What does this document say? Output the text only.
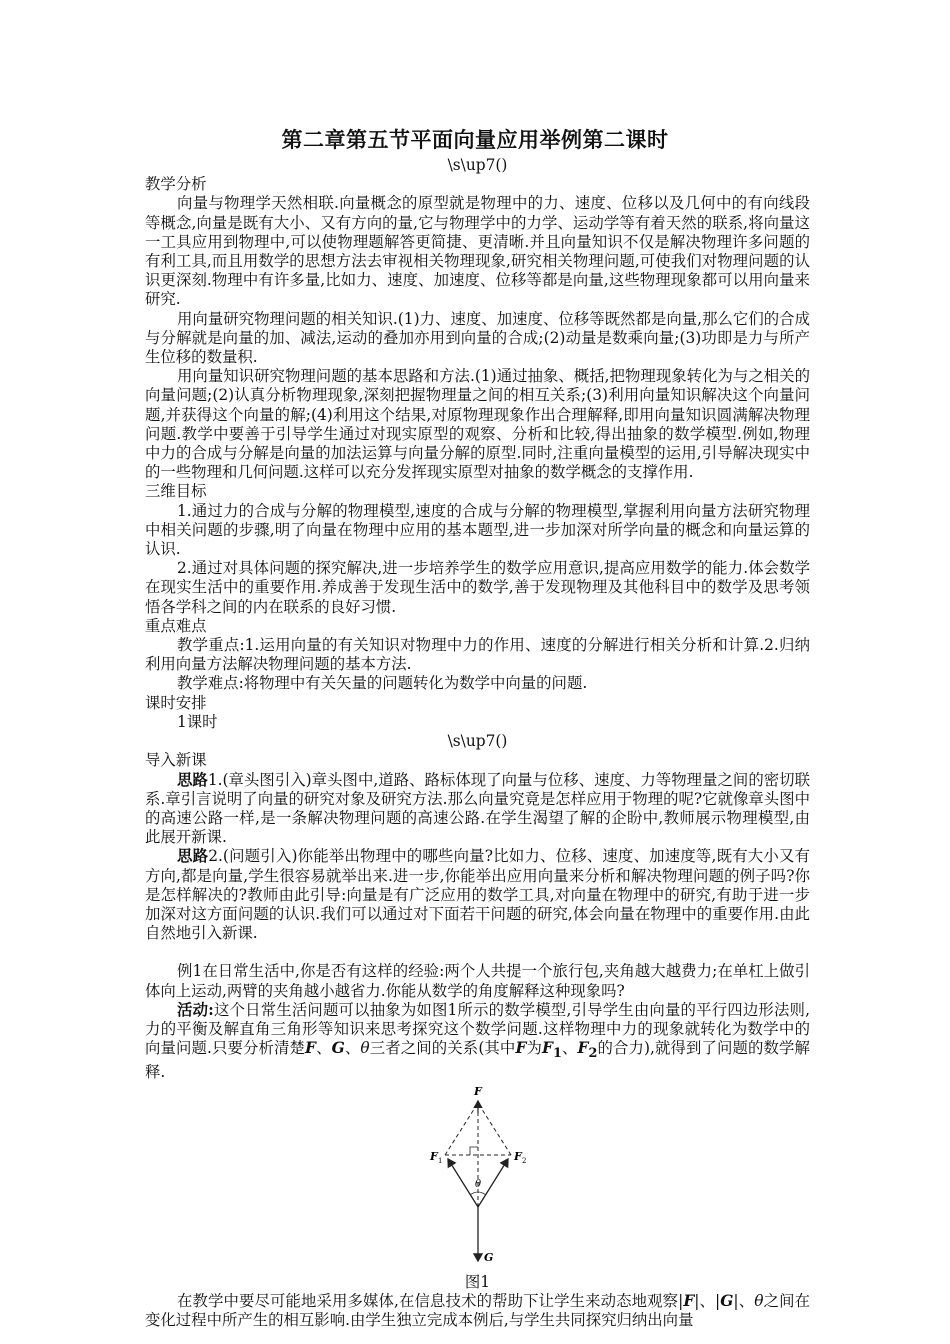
第二章第五节平面向量应用举例第二课时

\s\up7()

教学分析

向量与物理学天然相联.向量概念的原型就是物理中的力、速度、位移以及几何中的有向线段等概念,向量是既有大小、又有方向的量,它与物理学中的力学、运动学等有着天然的联系,将向量这一工具应用到物理中,可以使物理题解答更简捷、更清晰.并且向量知识不仅是解决物理许多问题的有利工具,而且用数学的思想方法去审视相关物理现象,研究相关物理问题,可使我们对物理问题的认识更深刻.物理中有许多量,比如力、速度、加速度、位移等都是向量,这些物理现象都可以用向量来研究.

用向量研究物理问题的相关知识.(1)力、速度、加速度、位移等既然都是向量,那么它们的合成与分解就是向量的加、减法,运动的叠加亦用到向量的合成;(2)动量是数乘向量;(3)功即是力与所产生位移的数量积.

用向量知识研究物理问题的基本思路和方法.(1)通过抽象、概括,把物理现象转化为与之相关的向量问题;(2)认真分析物理现象,深刻把握物理量之间的相互关系;(3)利用向量知识解决这个向量问题,并获得这个向量的解;(4)利用这个结果,对原物理现象作出合理解释,即用向量知识圆满解决物理问题.教学中要善于引导学生通过对现实原型的观察、分析和比较,得出抽象的数学模型.例如,物理中力的合成与分解是向量的加法运算与向量分解的原型.同时,注重向量模型的运用,引导解决现实中的一些物理和几何问题.这样可以充分发挥现实原型对抽象的数学概念的支撑作用.

三维目标

1.通过力的合成与分解的物理模型,速度的合成与分解的物理模型,掌握利用向量方法研究物理中相关问题的步骤,明了向量在物理中应用的基本题型,进一步加深对所学向量的概念和向量运算的认识.

2.通过对具体问题的探究解决,进一步培养学生的数学应用意识,提高应用数学的能力.体会数学在现实生活中的重要作用.养成善于发现生活中的数学,善于发现物理及其他科目中的数学及思考领悟各学科之间的内在联系的良好习惯.

重点难点

教学重点:1.运用向量的有关知识对物理中力的作用、速度的分解进行相关分析和计算.2.归纳利用向量方法解决物理问题的基本方法.

教学难点:将物理中有关矢量的问题转化为数学中向量的问题.

课时安排

1课时

\s\up7()

导入新课

思路1.(章头图引入)章头图中,道路、路标体现了向量与位移、速度、力等物理量之间的密切联系.章引言说明了向量的研究对象及研究方法.那么向量究竟是怎样应用于物理的呢?它就像章头图中的高速公路一样,是一条解决物理问题的高速公路.在学生渴望了解的企盼中,教师展示物理模型,由此展开新课.

思路2.(问题引入)你能举出物理中的哪些向量?比如力、位移、速度、加速度等,既有大小又有方向,都是向量,学生很容易就举出来.进一步,你能举出应用向量来分析和解决物理问题的例子吗?你是怎样解决的?教师由此引导:向量是有广泛应用的数学工具,对向量在物理中的研究,有助于进一步加深对这方面问题的认识.我们可以通过对下面若干问题的研究,体会向量在物理中的重要作用.由此自然地引入新课.

例1在日常生活中,你是否有这样的经验:两个人共提一个旅行包,夹角越大越费力;在单杠上做引体向上运动,两臂的夹角越小越省力.你能从数学的角度解释这种现象吗?

活动:这个日常生活问题可以抽象为如图1所示的数学模型,引导学生由向量的平行四边形法则,力的平衡及解直角三角形等知识来思考探究这个数学问题.这样物理中力的现象就转化为数学中的向量问题.只要分析清楚F、G、θ三者之间的关系(其中F为$F_1$、$F_2$的合力),就得到了问题的数学解释.

F
F 1	F 2
θ
G

图1

在教学中要尽可能地采用多媒体,在信息技术的帮助下让学生来动态地观察|F|、|G|、θ之间在变化过程中所产生的相互影响.由学生独立完成本例后,与学生共同探究归纳出向量
